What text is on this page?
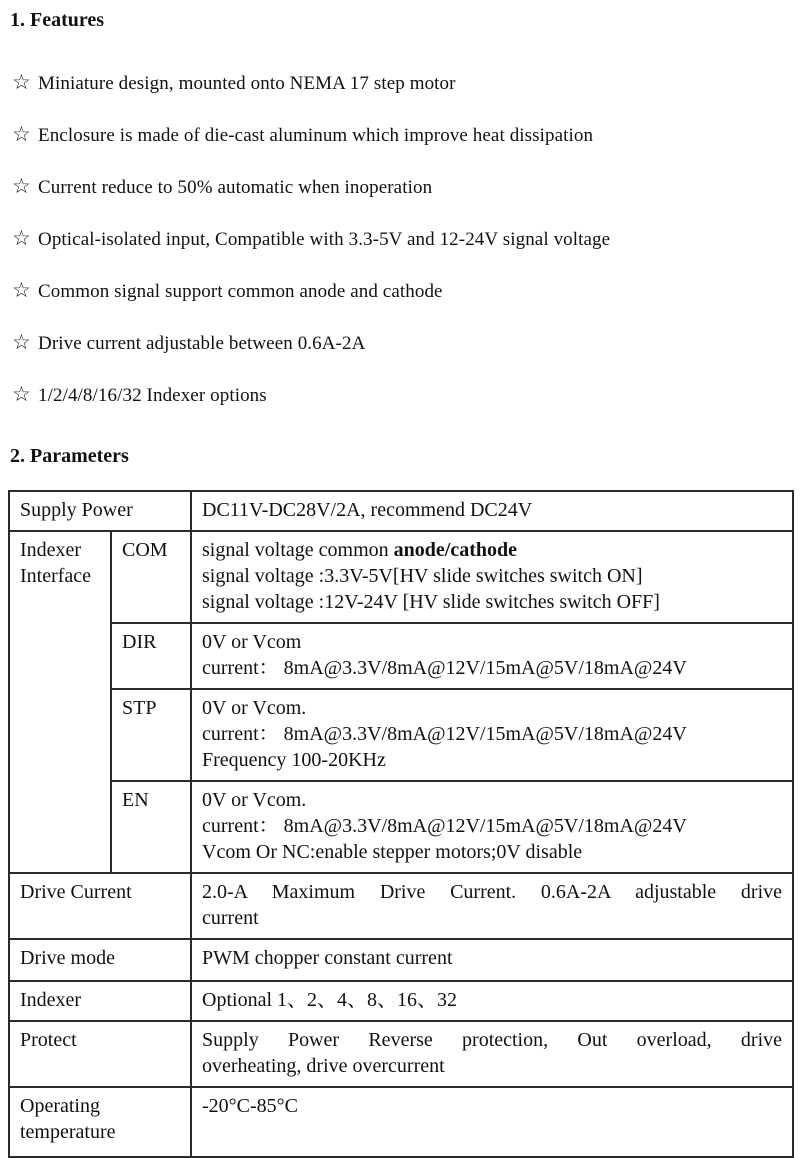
1. Features
☆ Miniature design, mounted onto NEMA 17 step motor
☆ Enclosure is made of die-cast aluminum which improve heat dissipation
☆ Current reduce to 50% automatic when inoperation
☆ Optical-isolated input, Compatible with 3.3-5V and 12-24V signal voltage
☆ Common signal support common anode and cathode
☆ Drive current adjustable between 0.6A-2A
☆ 1/2/4/8/16/32 Indexer options
2. Parameters
Supply Power		DC11V-DC28V/2A, recommend DC24V
Indexer Interface	COM	signal voltage common anode/cathode
signal voltage :3.3V-5V[HV slide switches switch ON]
signal voltage :12V-24V [HV slide switches switch OFF]

	DIR	0V or Vcom
current： 8mA@3.3V/8mA@12V/15mA@5V/18mA@24V

	STP	0V or Vcom.
current： 8mA@3.3V/8mA@12V/15mA@5V/18mA@24V
Frequency 100-20KHz

	EN	0V or Vcom.
current： 8mA@3.3V/8mA@12V/15mA@5V/18mA@24V
Vcom Or NC:enable stepper motors;0V disable

Drive Current		2.0-A Maximum Drive Current. 0.6A-2A adjustable drive
current

Drive mode		PWM chopper constant current
Indexer		Optional 1、2、4、8、16、32
Protect		Supply Power Reverse protection, Out overload, drive
overheating, drive overcurrent

Operating temperature		-20°C-85°C
